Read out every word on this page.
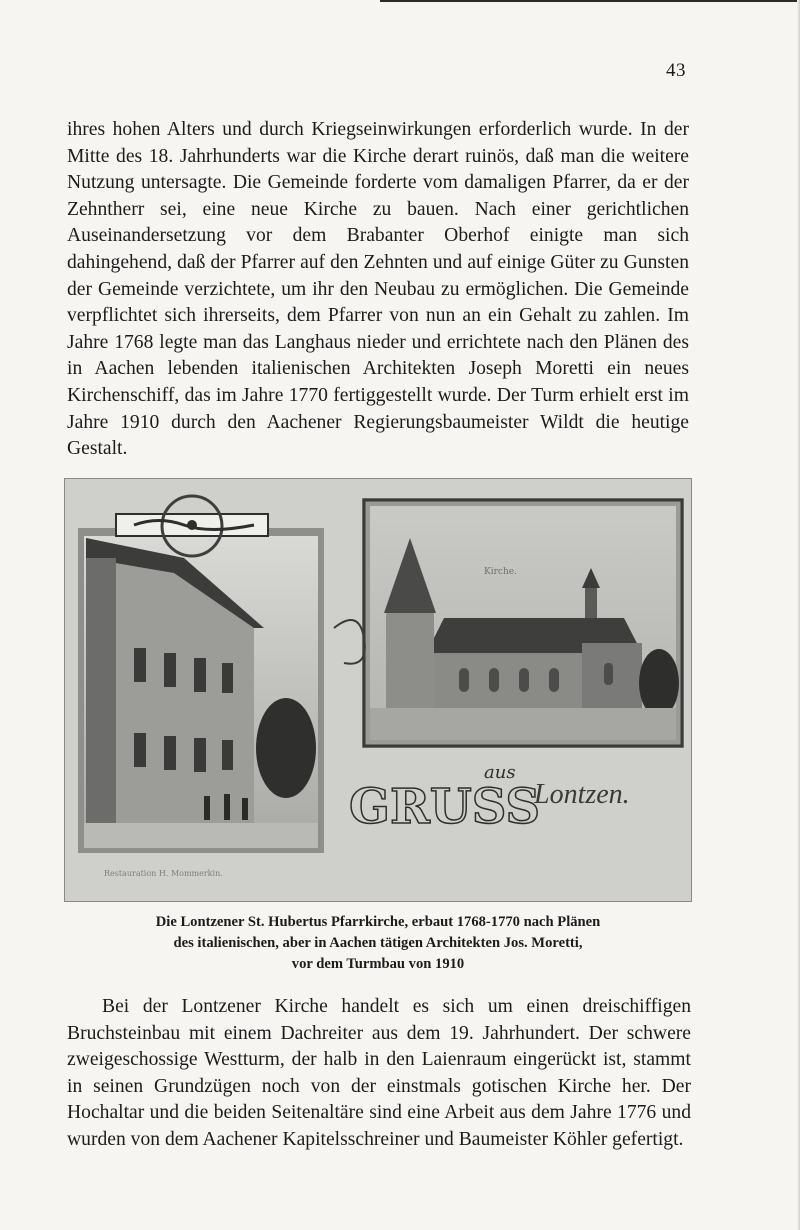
43

ihres hohen Alters und durch Kriegseinwirkungen erforderlich wurde. In der Mitte des 18. Jahrhunderts war die Kirche derart ruinös, daß man die weitere Nutzung untersagte. Die Gemeinde forderte vom damaligen Pfarrer, da er der Zehntherr sei, eine neue Kirche zu bauen. Nach einer gerichtlichen Auseinandersetzung vor dem Brabanter Oberhof einigte man sich dahingehend, daß der Pfarrer auf den Zehnten und auf einige Güter zu Gunsten der Gemeinde verzichtete, um ihr den Neubau zu ermöglichen. Die Gemeinde verpflichtet sich ihrerseits, dem Pfarrer von nun an ein Gehalt zu zahlen. Im Jahre 1768 legte man das Langhaus nieder und errichtete nach den Plänen des in Aachen lebenden italienischen Architekten Joseph Moretti ein neues Kirchenschiff, das im Jahre 1770 fertiggestellt wurde. Der Turm erhielt erst im Jahre 1910 durch den Aachener Regierungsbaumeister Wildt die heutige Gestalt.

Kirche.
GRUSS
aus
Lontzen.
Restauration H. Mommerkin.

Die Lontzener St. Hubertus Pfarrkirche, erbaut 1768-1770 nach Plänen
des italienischen, aber in Aachen tätigen Architekten Jos. Moretti,
vor dem Turmbau von 1910

Bei der Lontzener Kirche handelt es sich um einen dreischiffigen Bruchsteinbau mit einem Dachreiter aus dem 19. Jahrhundert. Der schwere zweigeschossige Westturm, der halb in den Laienraum eingerückt ist, stammt in seinen Grundzügen noch von der einstmals gotischen Kirche her. Der Hochaltar und die beiden Seitenaltäre sind eine Arbeit aus dem Jahre 1776 und wurden von dem Aachener Kapitelsschreiner und Baumeister Köhler gefertigt.
